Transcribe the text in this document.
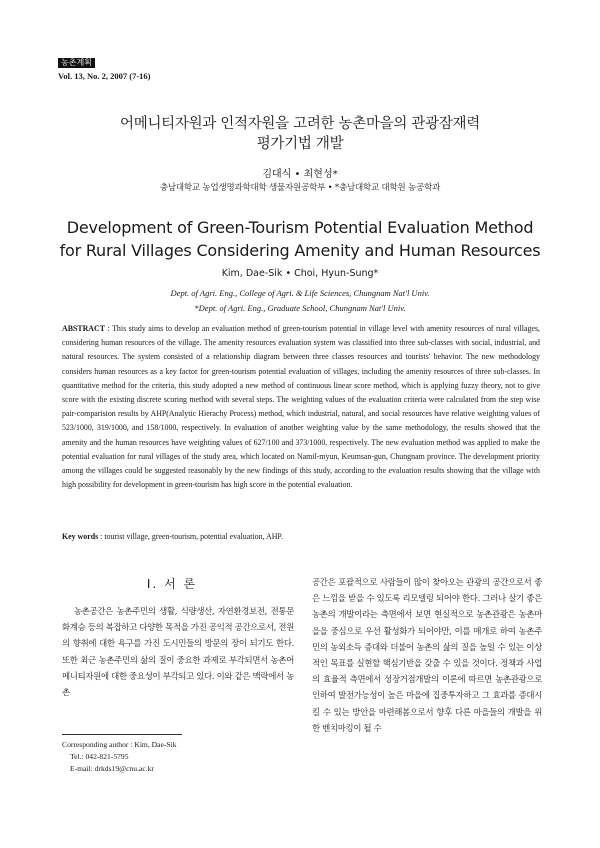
농촌계획
Vol. 13, No. 2, 2007 (7-16)
어메니티자원과 인적자원을 고려한 농촌마을의 관광잠재력
평가기법 개발
김대식 • 최현성*
충남대학교 농업생명과학대학 생물자원공학부 • *충남대학교 대학원 농공학과
Development of Green-Tourism Potential Evaluation Method
for Rural Villages Considering Amenity and Human Resources
Kim, Dae-Sik • Choi, Hyun-Sung*
Dept. of Agri. Eng., College of Agri. & Life Sciences, Chungnam Nat'l Univ.
*Dept. of Agri. Eng., Graduate School, Chungnam Nat'l Univ.
ABSTRACT : This study aims to develop an evaluation method of green-tourism potential in village level with amenity resources of rural villages, considering human resources of the village. The amenity resources evaluation system was classified into three sub-classes with social, industrial, and natural resources. The system consisted of a relationship diagram between three classes resources and tourists' behavior. The new methodology considers human resources as a key factor for green-tourism potential evaluation of villages, including the amenity resources of three sub-classes. In quantitative method for the criteria, this study adopted a new method of continuous linear score method, which is applying fuzzy theory, not to give score with the existing discrete scoring method with several steps. The weighting values of the evaluation criteria were calculated from the step wise pair-comparision results by AHP(Analytic Hierachy Process) method, which industrial, natural, and social resources have relative weighting values of 523/1000, 319/1000, and 158/1000, respectively. In evaluation of another weighting value by the same methodology, the results showed that the amenity and the human resources have weighting values of 627/100 and 373/1000, respectively. The new evaluation method was applied to make the potential evaluation for rural villages of the study area, which located on Namil-myun, Keumsan-gun, Chungnam province. The development priority among the villages could be suggested reasonably by the new findings of this study, according to the evaluation results showing that the village with high possibility for development in green-tourism has high score in the potential evaluation.
Key words : tourist village, green-tourism, potential evaluation, AHP.
Ⅰ. 서 론

농촌공간은 농촌주민의 생활, 식량생산, 자연환경보전, 전통문화계승 등의 복잡하고 다양한 목적을 가진 공익적 공간으로서, 전원의 향취에 대한 욕구를 가진 도시민들의 방문의 장이 되기도 한다. 또한 최근 농촌주민의 삶의 질이 중요한 과제로 부각되면서 농촌어메니티자원에 대한 중요성이 부각되고 있다. 이와 같은 맥락에서 농촌

공간은 포괄적으로 사람들이 많이 찾아오는 관광의 공간으로서 좋은 느낌을 받을 수 있도록 리모델링 되어야 한다. 그러나 살기 좋은 농촌의 개발이라는 측면에서 보면 현실적으로 농촌관광은 농촌마을을 중심으로 우선 활성화가 되어야만, 이를 매개로 하여 농촌주민의 농외소득 증대와 더불어 농촌의 삶의 질을 높일 수 있는 이상적인 목표를 실현할 핵심기반을 갖출 수 있을 것이다. 정책과 사업의 효율적 측면에서 성장거점개발의 이론에 따르면 농촌관광으로 인하여 발전가능성이 높은 마을에 집중투자하고 그 효과를 증대시킬 수 있는 방안을 마련해봄으로서 향후 다른 마을들의 개발을 위한 벤치마킹이 될 수

Corresponding author : Kim, Dae-Sik
Tel.: 042-821-5795
E-mail: drkds19@cnu.ac.kr
